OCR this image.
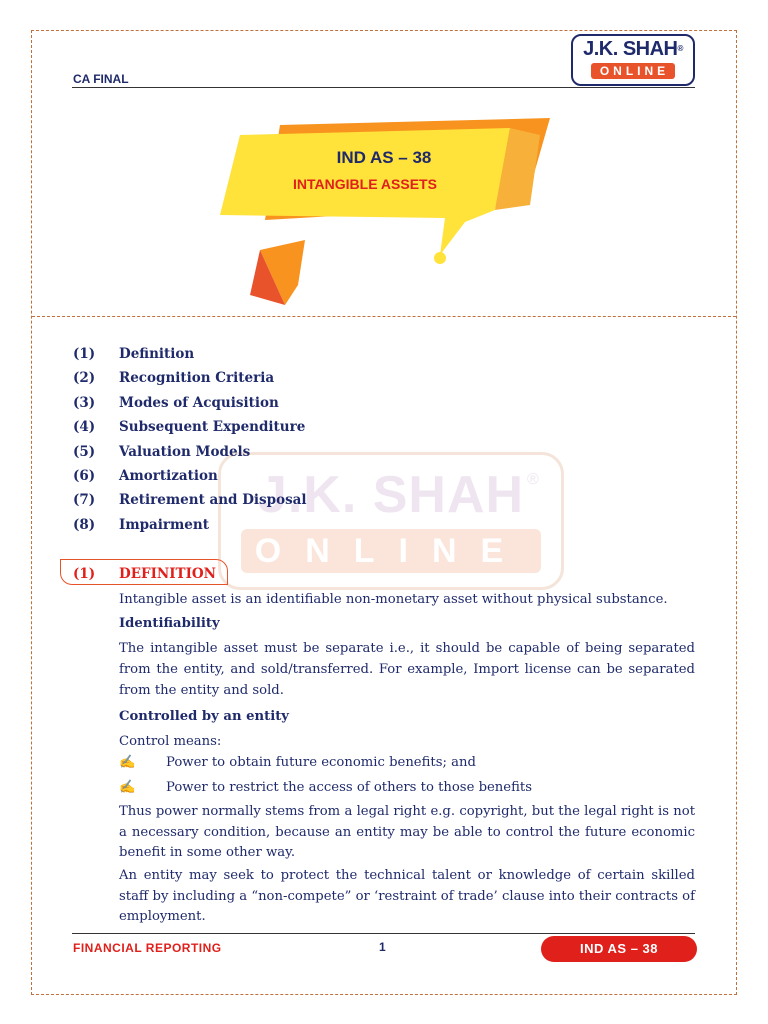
CA FINAL
J.K. SHAH®
ONLINE
IND AS – 38
INTANGIBLE ASSETS
J.K. SHAH ®
ONLINE
(1) Definition
(2) Recognition Criteria
(3) Modes of Acquisition
(4) Subsequent Expenditure
(5) Valuation Models
(6) Amortization
(7) Retirement and Disposal
(8) Impairment
(1) DEFINITION
Intangible asset is an identifiable non-monetary asset without physical substance.
Identifiability
The intangible asset must be separate i.e., it should be capable of being separated from the entity, and sold/transferred. For example, Import license can be separated from the entity and sold.
Controlled by an entity
Control means:
✍ Power to obtain future economic benefits; and
✍ Power to restrict the access of others to those benefits
Thus power normally stems from a legal right e.g. copyright, but the legal right is not a necessary condition, because an entity may be able to control the future economic benefit in some other way.
An entity may seek to protect the technical talent or knowledge of certain skilled staff by including a “non-compete” or ‘restraint of trade’ clause into their contracts of employment.
FINANCIAL REPORTING	1	IND AS – 38
